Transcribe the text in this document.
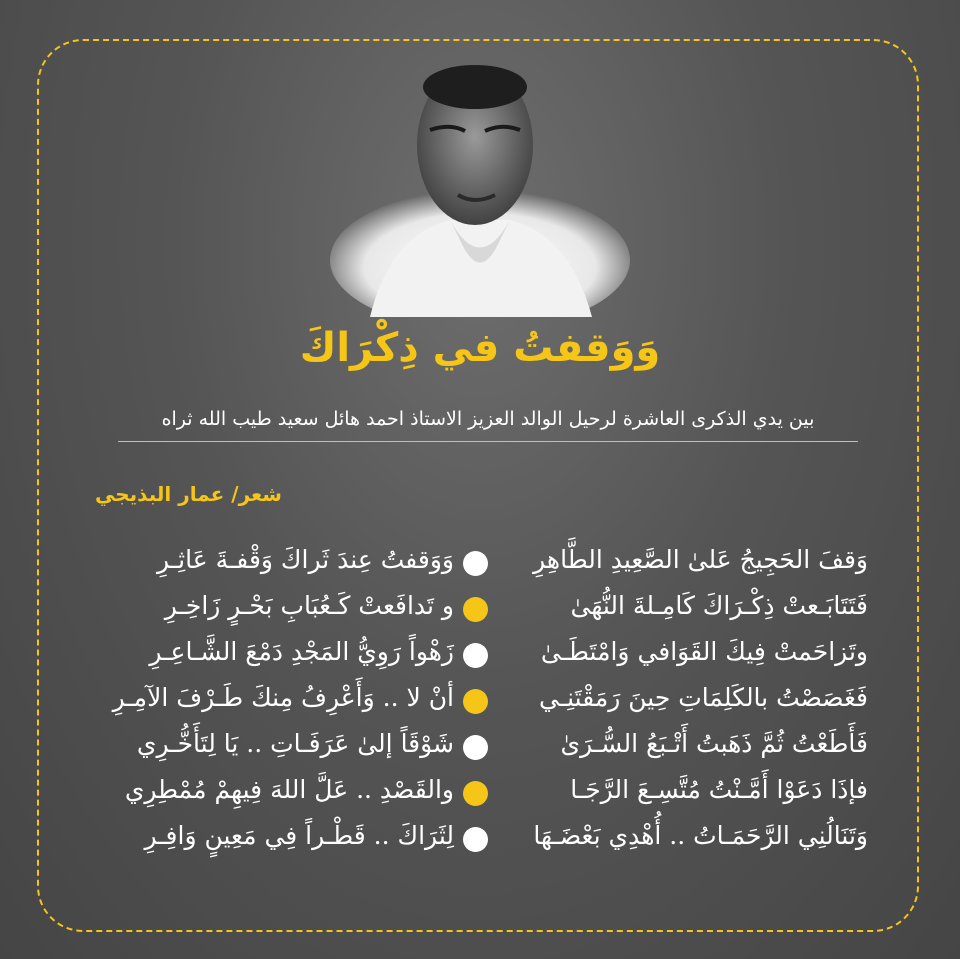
وَوَقفتُ في ذِكْرَاكَ
بين يدي الذكرى العاشرة لرحيل الوالد العزيز الاستاذ احمد هائل سعيد طيب الله ثراه
شعر/ عمار البذيجي
وَقفَ الحَجِيجُ عَلىٰ الصَّعِيدِ الطَّاهِرِ
وَوَقفتُ عِندَ ثَراكَ وَقْفـةَ عَاثِـرِ
فَتَتَابَـعتْ ذِكْـرَاكَ كَامِـلةَ النُّهَىٰ
و تَدافَعتْ كَـعُبَابِ بَحْـرٍ زَاخِـرِ
وتَزاحَمتْ فِيكَ القَوَافي وَامْتَطَـىٰ
زَهْواً رَوِيُّ المَجْدِ دَمْعَ الشَّـاعِـرِ
فَغَصَصْتُ بالكَلِمَاتِ حِينَ رَمَقْتَنِـي
أنْ لا .. وَأَعْرِفُ مِنكَ طَـرْفَ الآمِـرِ
فَأَطَعْتُ ثُمَّ ذَهَبتُ أَتْـبَعُ السُّـرَىٰ
شَوْقَاً إلىٰ عَرَفَـاتِ .. يَا لِتَأَخُّـرِي
فإذَا دَعَوْا أَمَّـنْتُ مُتَّسِـعَ الرَّجَـا
والقَصْدِ .. عَلَّ اللهَ فِيهِمْ مُمْطِرِي
وَتَنَالُنِي الرَّحَمَـاتُ .. أُهْدِي بَعْضَـهَا
لِثَرَاكَ .. قَطْـراً فِي مَعِينٍ وَافِـرِ
